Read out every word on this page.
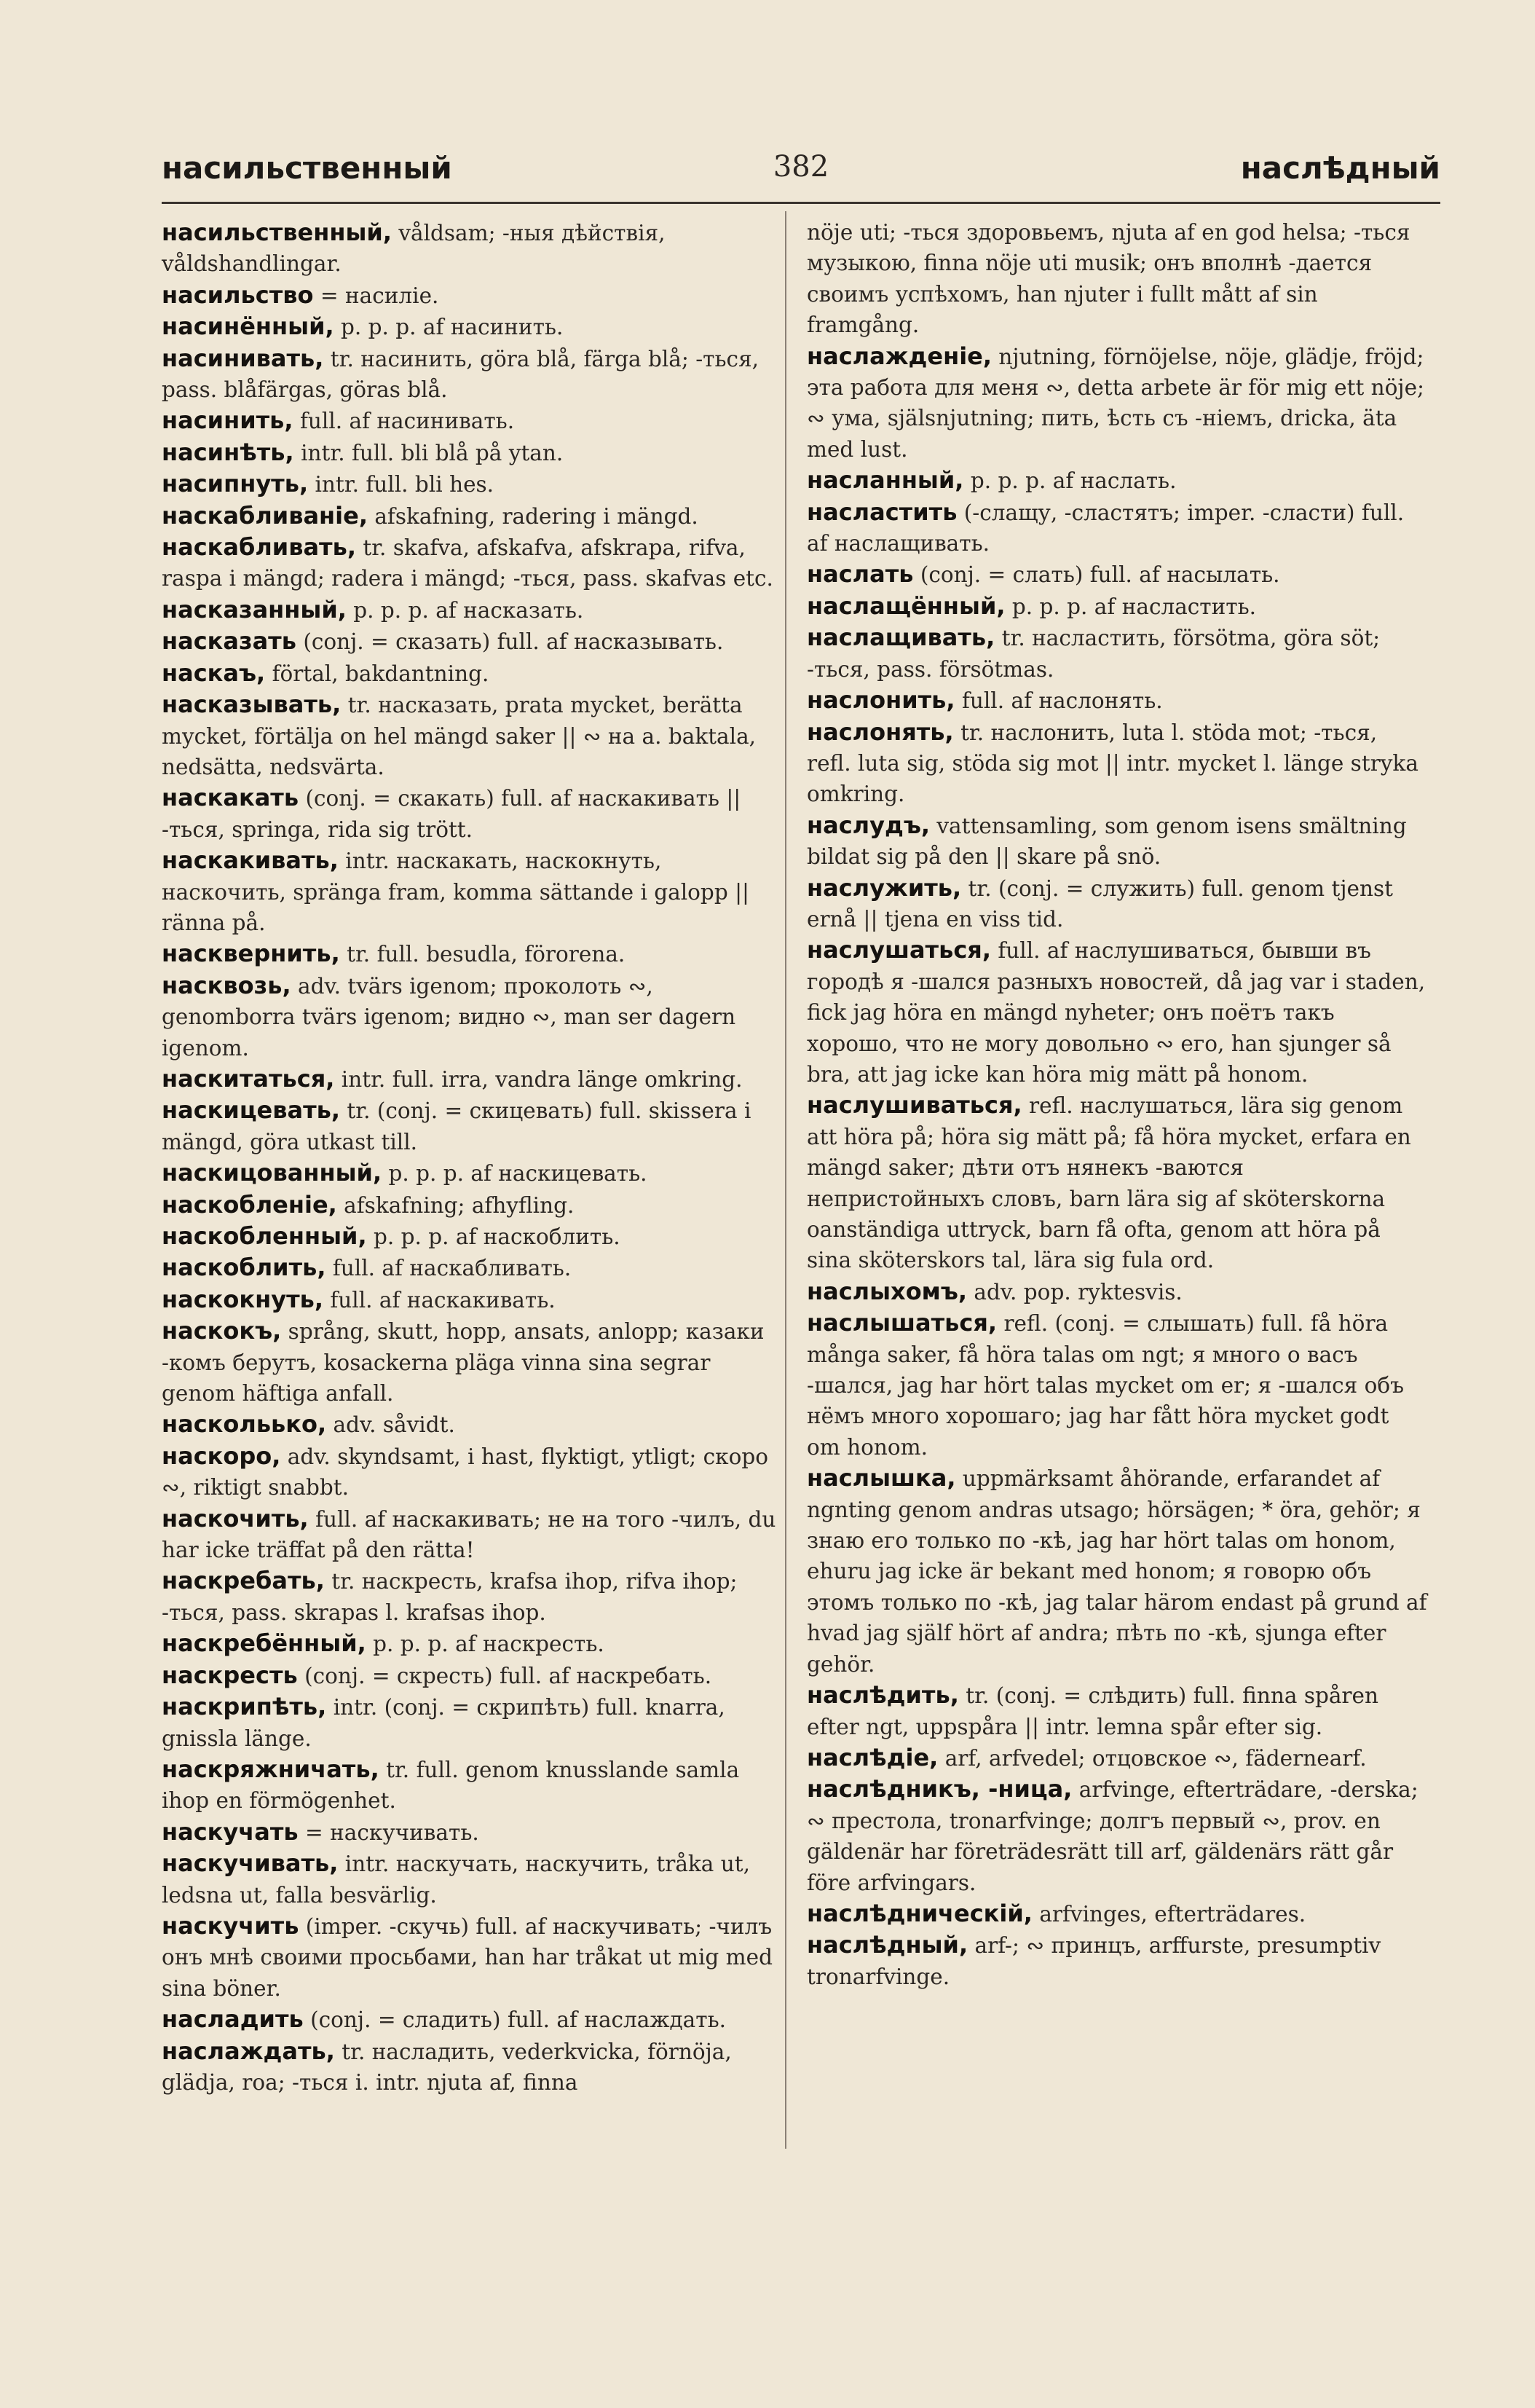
насильственный	382	наслѣдный

насильственный, våldsam; -ныя дѣйствія, våldshandlingar.

насильство = насиліе.

насинённый, p. p. p. af насинить.

насинивать, tr. насинить, göra blå, färga blå; -ться, pass. blåfärgas, göras blå.

насинить, full. af насинивать.

насинѣть, intr. full. bli blå på ytan.

насипнуть, intr. full. bli hes.

наскабливаніе, afskafning, radering i mängd.

наскабливать, tr. skafva, afskafva, afskrapa, rifva, raspa i mängd; radera i mängd; -ться, pass. skafvas etc.

насказанный, p. p. p. af насказать.

насказать (conj. = сказать) full. af насказывать.

наскаъ, förtal, bakdantning.

насказывать, tr. насказать, prata mycket, berätta mycket, förtälja on hel mängd saker || ∾ на а. baktala, nedsätta, nedsvärta.

наскакать (conj. = скакать) full. af наскакивать || -ться, springa, rida sig trött.

наскакивать, intr. наскакать, наскокнуть, наскочить, spränga fram, komma sättande i galopp || ränna på.

насквернить, tr. full. besudla, förorena.

насквозь, adv. tvärs igenom; проколоть ∾, genomborra tvärs igenom; видно ∾, man ser dagern igenom.

наскитаться, intr. full. irra, vandra länge omkring.

наскицевать, tr. (conj. = скицевать) full. skissera i mängd, göra utkast till.

наскицованный, p. p. p. af наскицевать.

наскобленіе, afskafning; afhyfling.

наскобленный, p. p. p. af наскоблить.

наскоблить, full. af наскабливать.

наскокнуть, full. af наскакивать.

наскокъ, språng, skutt, hopp, ansats, anlopp; казаки -комъ берутъ, kosackerna pläga vinna sina segrar genom häftiga anfall.

наскольько, adv. såvidt.

наскоро, adv. skyndsamt, i hast, flyktigt, ytligt; скоро ∾, riktigt snabbt.

наскочить, full. af наскакивать; не на того -чилъ, du har icke träffat på den rätta!

наскребать, tr. наскресть, krafsa ihop, rifva ihop; -ться, pass. skrapas l. krafsas ihop.

наскребённый, p. p. p. af наскресть.

наскресть (conj. = скресть) full. af наскребать.

наскрипѣть, intr. (conj. = скрипѣть) full. knarra, gnissla länge.

наскряжничать, tr. full. genom knusslande samla ihop en förmögenhet.

наскучать = наскучивать.

наскучивать, intr. наскучать, наскучить, tråka ut, ledsna ut, falla besvärlig.

наскучить (imper. -скучь) full. af наскучивать; -чилъ онъ мнѣ своими просьбами, han har tråkat ut mig med sina böner.

насладить (conj. = сладить) full. af наслаждать.

наслаждать, tr. насладить, vederkvicka, förnöja, glädja, roa; -ться i. intr. njuta af, finna

nöje uti; -ться здоровьемъ, njuta af en god helsa; -ться музыкою, finna nöje uti musik; онъ вполнѣ -дается своимъ успѣхомъ, han njuter i fullt mått af sin framgång.

наслажденіе, njutning, förnöjelse, nöje, glädje, fröjd; эта работа для меня ∾, detta arbete är för mig ett nöje; ∾ ума, själsnjutning; пить, ѣсть съ -ніемъ, dricka, äta med lust.

насланный, p. p. p. af наслать.

насластить (-слащу, -сластятъ; imper. -сласти) full. af наслащивать.

наслать (conj. = слать) full. af насылать.

наслащённый, p. p. p. af насластить.

наслащивать, tr. насластить, försötma, göra söt; -ться, pass. försötmas.

наслонить, full. af наслонять.

наслонять, tr. наслонить, luta l. stöda mot; -ться, refl. luta sig, stöda sig mot || intr. mycket l. länge stryka omkring.

наслудъ, vattensamling, som genom isens smältning bildat sig på den || skare på snö.

наслужить, tr. (conj. = служить) full. genom tjenst ernå || tjena en viss tid.

наслушаться, full. af наслушиваться, бывши въ городѣ я -шался разныхъ новостей, då jag var i staden, fick jag höra en mängd nyheter; онъ поётъ такъ хорошо, что не могу довольно ∾ его, han sjunger så bra, att jag icke kan höra mig mätt på honom.

наслушиваться, refl. наслушаться, lära sig genom att höra på; höra sig mätt på; få höra mycket, erfara en mängd saker; дѣти отъ нянекъ -ваются непристойныхъ словъ, barn lära sig af sköterskorna oanständiga uttryck, barn få ofta, genom att höra på sina sköterskors tal, lära sig fula ord.

наслыхомъ, adv. pop. ryktesvis.

наслышаться, refl. (conj. = слышать) full. få höra många saker, få höra talas om ngt; я много о васъ -шался, jag har hört talas mycket om er; я -шался объ нёмъ много хорошаго; jag har fått höra mycket godt om honom.

наслышка, uppmärksamt åhörande, erfarandet af ngnting genom andras utsago; hörsägen; * öra, gehör; я знаю его только по -кѣ, jag har hört talas om honom, ehuru jag icke är bekant med honom; я говорю объ этомъ только по -кѣ, jag talar härom endast på grund af hvad jag själf hört af andra; пѣть по -кѣ, sjunga efter gehör.

наслѣдить, tr. (conj. = слѣдить) full. finna spåren efter ngt, uppspåra || intr. lemna spår efter sig.

наслѣдіе, arf, arfvedel; отцовское ∾, fädernearf.

наслѣдникъ, -ница, arfvinge, efterträdare, -derska; ∾ престола, tronarfvinge; долгъ первый ∾, prov. en gäldenär har företrädesrätt till arf, gäldenärs rätt går före arfvingars.

наслѣдническій, arfvinges, efterträdares.

наслѣдный, arf-; ∾ принцъ, arffurste, presumptiv tronarfvinge.
